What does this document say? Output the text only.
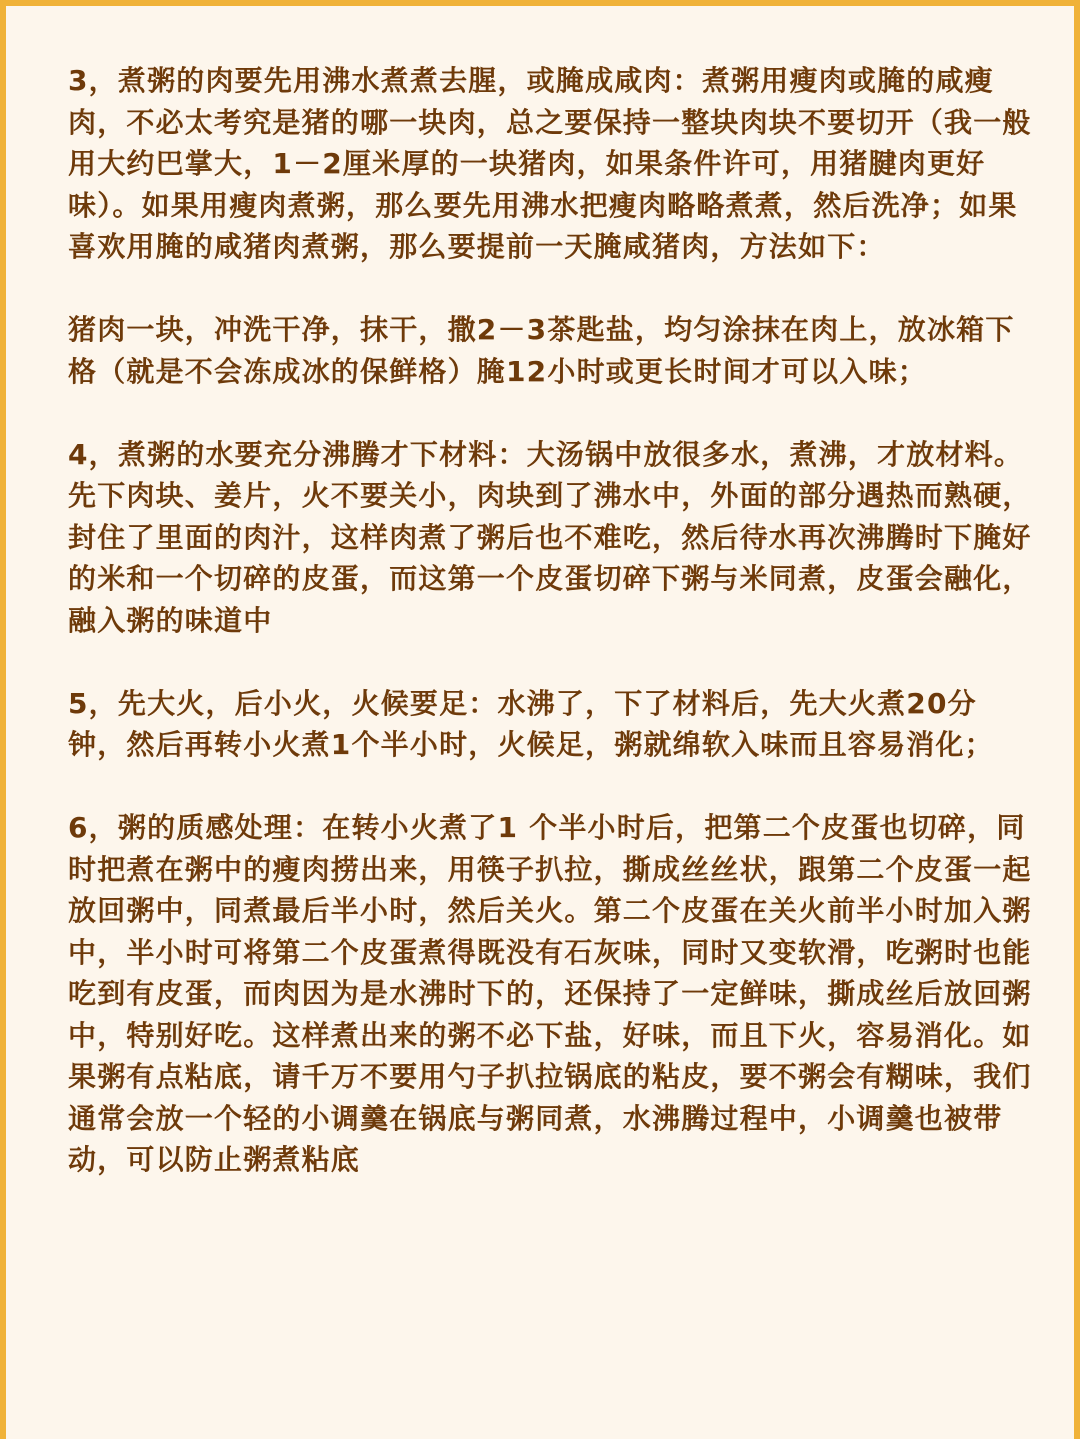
3，煮粥的肉要先用沸水煮煮去腥，或腌成咸肉：煮粥用瘦肉或腌的咸瘦肉，不必太考究是猪的哪一块肉，总之要保持一整块肉块不要切开（我一般用大约巴掌大，1－2厘米厚的一块猪肉，如果条件许可，用猪腱肉更好味）。如果用瘦肉煮粥，那么要先用沸水把瘦肉略略煮煮，然后洗净；如果喜欢用腌的咸猪肉煮粥，那么要提前一天腌咸猪肉，方法如下：

猪肉一块，冲洗干净，抹干，撒2－3茶匙盐，均匀涂抹在肉上，放冰箱下格（就是不会冻成冰的保鲜格）腌12小时或更长时间才可以入味；

4，煮粥的水要充分沸腾才下材料：大汤锅中放很多水，煮沸，才放材料。先下肉块、姜片，火不要关小，肉块到了沸水中，外面的部分遇热而熟硬，封住了里面的肉汁，这样肉煮了粥后也不难吃，然后待水再次沸腾时下腌好的米和一个切碎的皮蛋，而这第一个皮蛋切碎下粥与米同煮，皮蛋会融化，融入粥的味道中

5，先大火，后小火，火候要足：水沸了，下了材料后，先大火煮20分钟，然后再转小火煮1个半小时，火候足，粥就绵软入味而且容易消化；

6，粥的质感处理：在转小火煮了1 个半小时后，把第二个皮蛋也切碎，同时把煮在粥中的瘦肉捞出来，用筷子扒拉，撕成丝丝状，跟第二个皮蛋一起放回粥中，同煮最后半小时，然后关火。第二个皮蛋在关火前半小时加入粥中，半小时可将第二个皮蛋煮得既没有石灰味，同时又变软滑，吃粥时也能吃到有皮蛋，而肉因为是水沸时下的，还保持了一定鲜味，撕成丝后放回粥中，特别好吃。这样煮出来的粥不必下盐，好味，而且下火，容易消化。如果粥有点粘底，请千万不要用勺子扒拉锅底的粘皮，要不粥会有糊味，我们通常会放一个轻的小调羹在锅底与粥同煮，水沸腾过程中，小调羹也被带动，可以防止粥煮粘底
